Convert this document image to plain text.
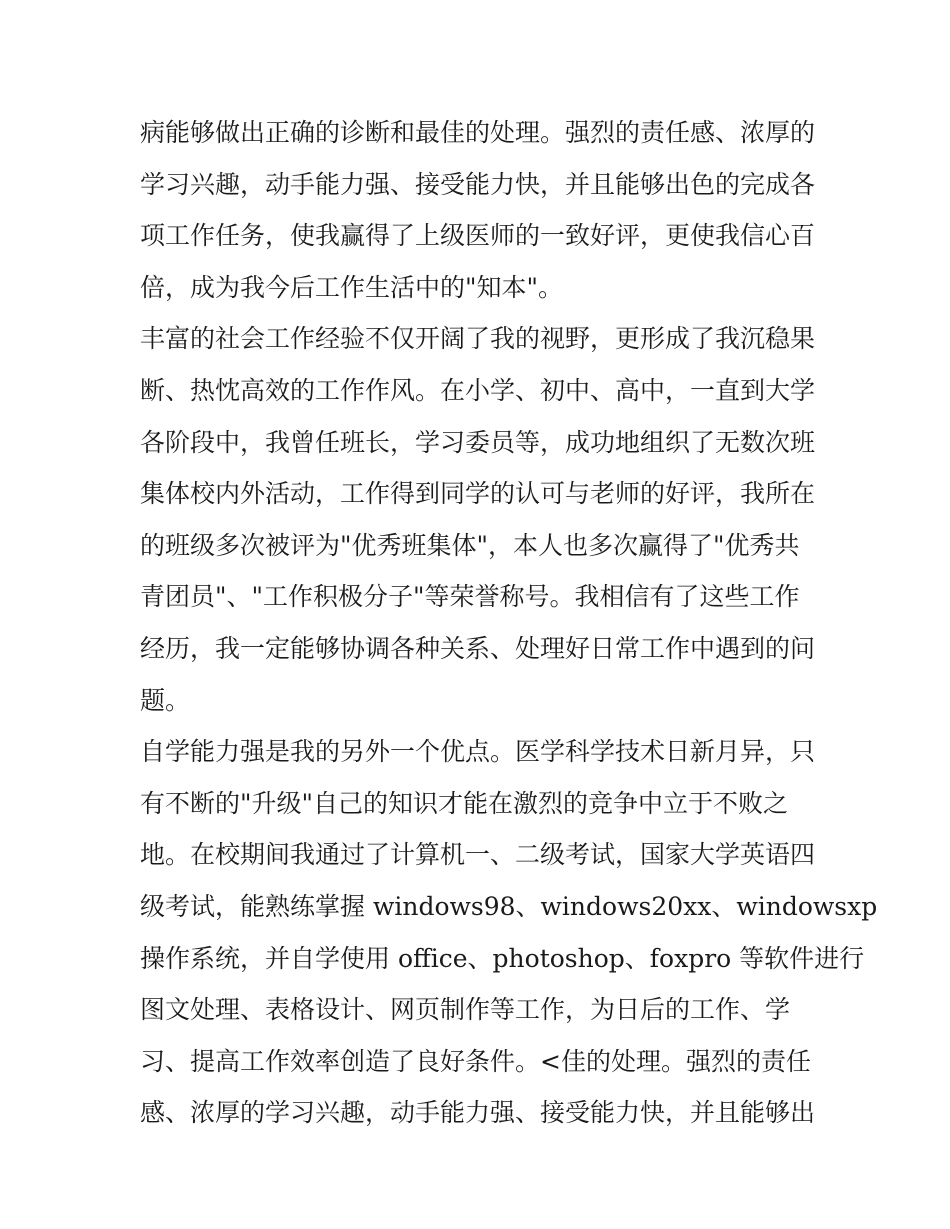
病能够做出正确的诊断和最佳的处理。强烈的责任感、浓厚的
学习兴趣，动手能力强、接受能力快，并且能够出色的完成各
项工作任务，使我赢得了上级医师的一致好评，更使我信心百
倍，成为我今后工作生活中的"知本"。
丰富的社会工作经验不仅开阔了我的视野，更形成了我沉稳果
断、热忱高效的工作作风。在小学、初中、高中，一直到大学
各阶段中，我曾任班长，学习委员等，成功地组织了无数次班
集体校内外活动，工作得到同学的认可与老师的好评，我所在
的班级多次被评为"优秀班集体"，本人也多次赢得了"优秀共
青团员"、"工作积极分子"等荣誉称号。我相信有了这些工作
经历，我一定能够协调各种关系、处理好日常工作中遇到的问
题。
自学能力强是我的另外一个优点。医学科学技术日新月异，只
有不断的"升级"自己的知识才能在激烈的竞争中立于不败之
地。在校期间我通过了计算机一、二级考试，国家大学英语四
级考试，能熟练掌握 windows98、windows20xx、windowsxp
操作系统，并自学使用 office、photoshop、foxpro 等软件进行
图文处理、表格设计、网页制作等工作，为日后的工作、学
习、提高工作效率创造了良好条件。<佳的处理。强烈的责任
感、浓厚的学习兴趣，动手能力强、接受能力快，并且能够出
